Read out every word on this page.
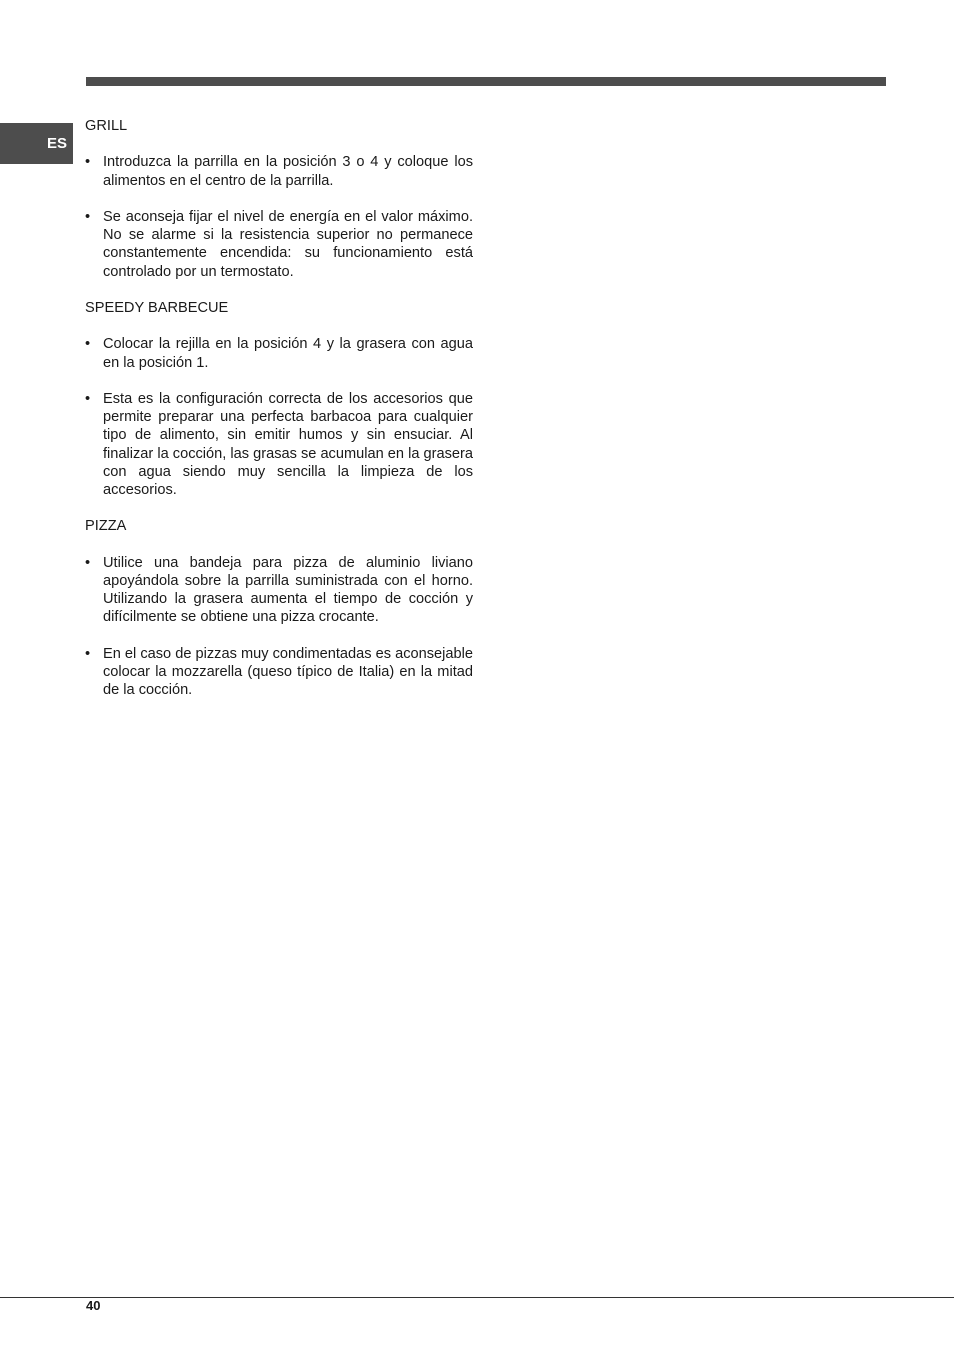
ES
GRILL
• Introduzca la parrilla en la posición 3 o 4 y coloque los alimentos en el centro de la parrilla.
• Se aconseja fijar el nivel de energía en el valor máximo. No se alarme si la resistencia superior no permanece constantemente encendida: su funcionamiento está controlado por un termostato.
SPEEDY BARBECUE
• Colocar la rejilla en la posición 4 y la grasera con agua en la posición 1.
• Esta es la configuración correcta de los accesorios que permite preparar una perfecta barbacoa para cualquier tipo de alimento, sin emitir humos y sin ensuciar. Al finalizar la cocción, las grasas se acumulan en la grasera con agua siendo muy sencilla la limpieza de los accesorios.
PIZZA
• Utilice una bandeja para pizza de aluminio liviano apoyándola sobre la parrilla suministrada con el horno. Utilizando la grasera aumenta el tiempo de cocción y difícilmente se obtiene una pizza crocante.
• En el caso de pizzas muy condimentadas es aconsejable colocar la mozzarella (queso típico de Italia) en la mitad de la cocción.
40
